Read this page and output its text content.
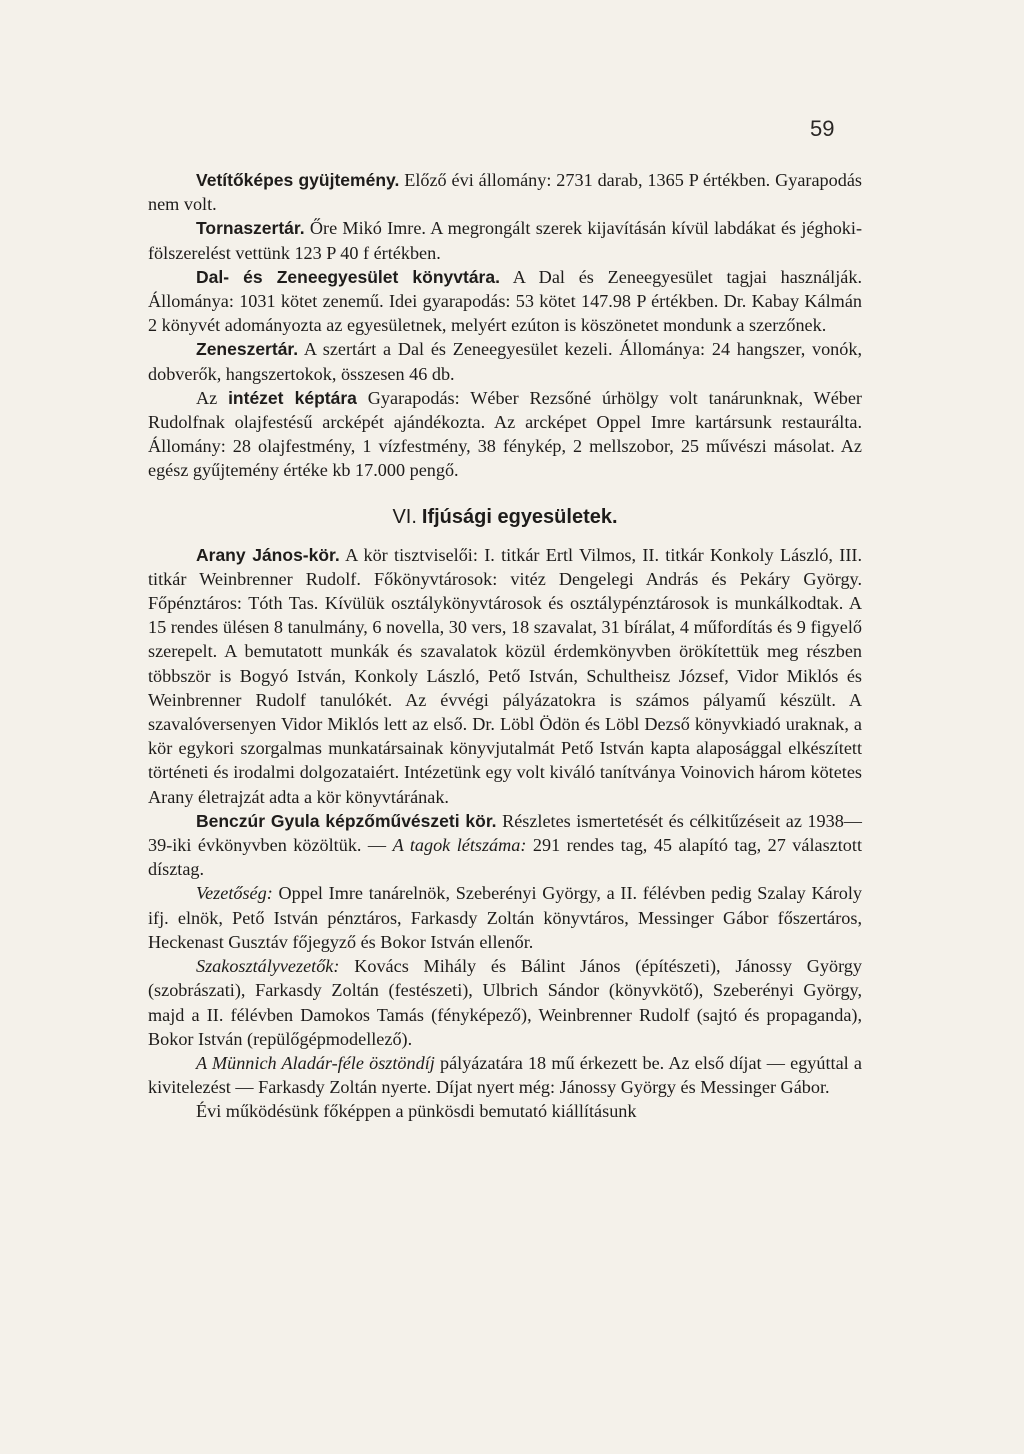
59

Vetítőképes gyüjtemény. Előző évi állomány: 2731 darab, 1365 P értékben. Gyarapodás nem volt.

Tornaszertár. Őre Mikó Imre. A megrongált szerek kijavításán kívül labdákat és jéghoki-fölszerelést vettünk 123 P 40 f értékben.

Dal- és Zeneegyesület könyvtára. A Dal és Zeneegyesület tagjai használják. Állománya: 1031 kötet zenemű. Idei gyarapodás: 53 kötet 147.98 P értékben. Dr. Kabay Kálmán 2 könyvét adományozta az egyesületnek, melyért ezúton is köszönetet mondunk a szerzőnek.

Zeneszertár. A szertárt a Dal és Zeneegyesület kezeli. Állománya: 24 hangszer, vonók, dobverők, hangszertokok, összesen 46 db.

Az intézet képtára Gyarapodás: Wéber Rezsőné úrhölgy volt tanárunknak, Wéber Rudolfnak olajfestésű arcképét ajándékozta. Az arcképet Oppel Imre kartársunk restaurálta. Állomány: 28 olajfestmény, 1 vízfestmény, 38 fénykép, 2 mellszobor, 25 művészi másolat. Az egész gyűjtemény értéke kb 17.000 pengő.

VI. Ifjúsági egyesületek.

Arany János-kör. A kör tisztviselői: I. titkár Ertl Vilmos, II. titkár Konkoly László, III. titkár Weinbrenner Rudolf. Főkönyvtárosok: vitéz Dengelegi András és Pekáry György. Főpénztáros: Tóth Tas. Kívülük osztálykönyvtárosok és osztálypénztárosok is munkálkodtak. A 15 rendes ülésen 8 tanulmány, 6 novella, 30 vers, 18 szavalat, 31 bírálat, 4 műfordítás és 9 figyelő szerepelt. A bemutatott munkák és szavalatok közül érdemkönyvben örökítettük meg részben többször is Bogyó István, Konkoly László, Pető István, Schultheisz József, Vidor Miklós és Weinbrenner Rudolf tanulókét. Az évvégi pályázatokra is számos pályamű készült. A szavalóversenyen Vidor Miklós lett az első. Dr. Löbl Ödön és Löbl Dezső könyvkiadó uraknak, a kör egykori szorgalmas munkatársainak könyvjutalmát Pető István kapta alaposággal elkészített történeti és irodalmi dolgozataiért. Intézetünk egy volt kiváló tanítványa Voinovich három kötetes Arany életrajzát adta a kör könyvtárának.

Benczúr Gyula képzőművészeti kör. Részletes ismertetését és célkitűzéseit az 1938—39-iki évkönyvben közöltük. — A tagok létszáma: 291 rendes tag, 45 alapító tag, 27 választott dísztag.

Vezetőség: Oppel Imre tanárelnök, Szeberényi György, a II. félévben pedig Szalay Károly ifj. elnök, Pető István pénztáros, Farkasdy Zoltán könyvtáros, Messinger Gábor főszertáros, Heckenast Gusztáv főjegyző és Bokor István ellenőr.

Szakosztályvezetők: Kovács Mihály és Bálint János (építészeti), Jánossy György (szobrászati), Farkasdy Zoltán (festészeti), Ulbrich Sándor (könyvkötő), Szeberényi György, majd a II. félévben Damokos Tamás (fényképező), Weinbrenner Rudolf (sajtó és propaganda), Bokor István (repülőgépmodellező).

A Münnich Aladár-féle ösztöndíj pályázatára 18 mű érkezett be. Az első díjat — egyúttal a kivitelezést — Farkasdy Zoltán nyerte. Díjat nyert még: Jánossy György és Messinger Gábor.

Évi működésünk főképpen a pünkösdi bemutató kiállításunk
